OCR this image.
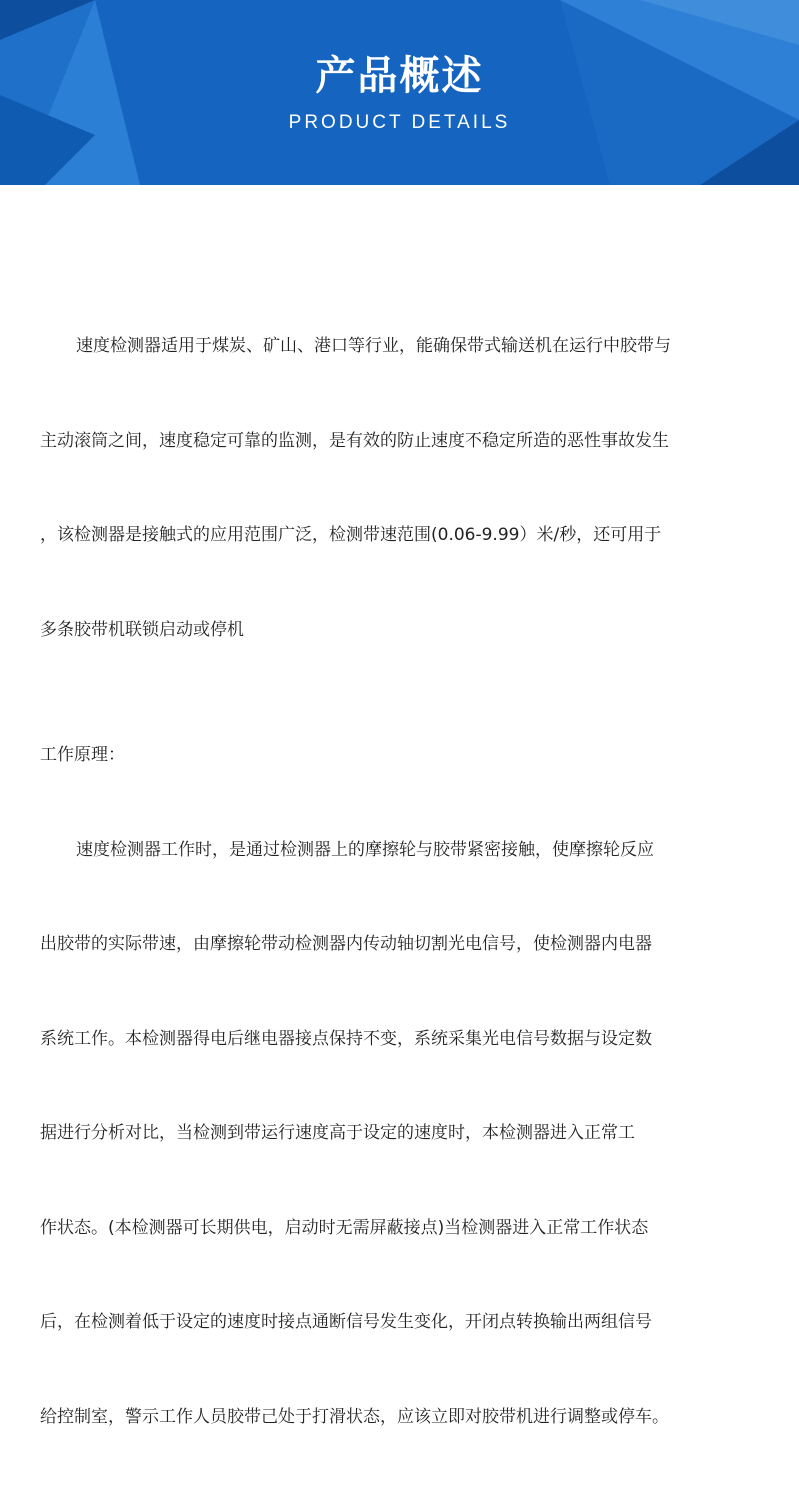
产品概述
PRODUCT DETAILS

速度检测器适用于煤炭、矿山、港口等行业，能确保带式输送机在运行中胶带与

主动滚筒之间，速度稳定可靠的监测，是有效的防止速度不稳定所造的恶性事故发生

，该检测器是接触式的应用范围广泛，检测带速范围(0.06-9.99）米/秒，还可用于

多条胶带机联锁启动或停机

工作原理：

速度检测器工作时，是通过检测器上的摩擦轮与胶带紧密接触，使摩擦轮反应

出胶带的实际带速，由摩擦轮带动检测器内传动轴切割光电信号，使检测器内电器

系统工作。本检测器得电后继电器接点保持不变，系统采集光电信号数据与设定数

据进行分析对比，当检测到带运行速度高于设定的速度时，本检测器进入正常工

作状态。(本检测器可长期供电，启动时无需屏蔽接点)当检测器进入正常工作状态

后，在检测着低于设定的速度时接点通断信号发生变化，开闭点转换输出两组信号

给控制室，警示工作人员胶带己处于打滑状态，应该立即对胶带机进行调整或停车。
